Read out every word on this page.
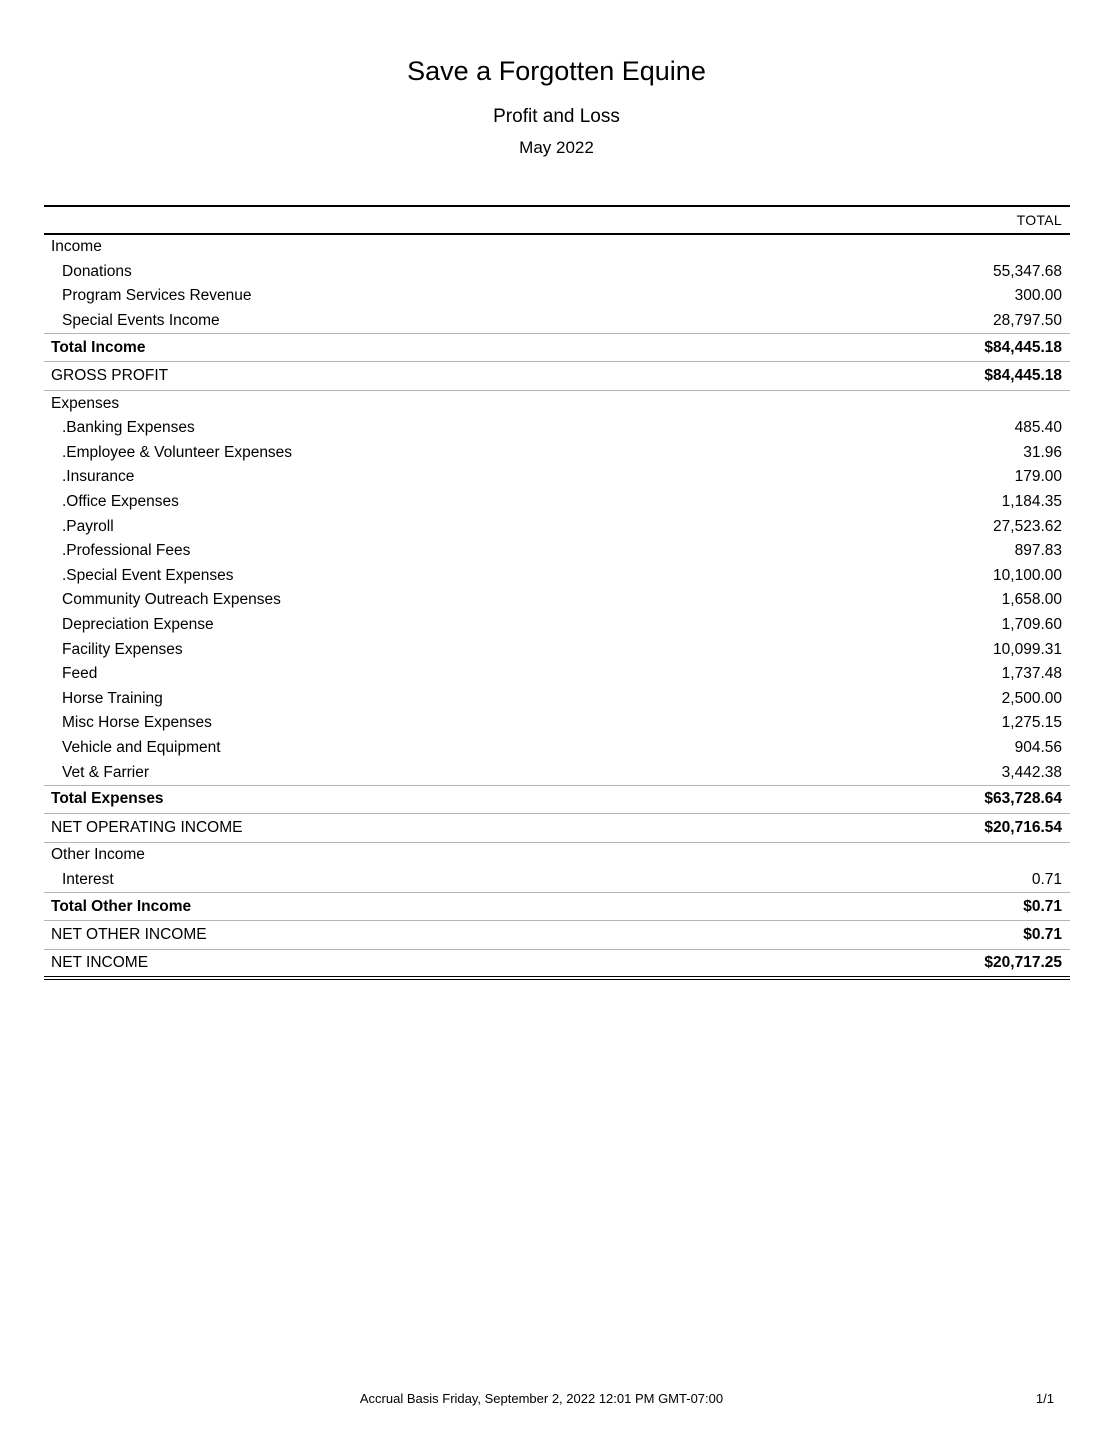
Save a Forgotten Equine
Profit and Loss
May 2022
TOTAL
Income
Donations	55,347.68
Program Services Revenue	300.00
Special Events Income	28,797.50
Total Income	$84,445.18
GROSS PROFIT	$84,445.18
Expenses
.Banking Expenses	485.40
.Employee & Volunteer Expenses	31.96
.Insurance	179.00
.Office Expenses	1,184.35
.Payroll	27,523.62
.Professional Fees	897.83
.Special Event Expenses	10,100.00
Community Outreach Expenses	1,658.00
Depreciation Expense	1,709.60
Facility Expenses	10,099.31
Feed	1,737.48
Horse Training	2,500.00
Misc Horse Expenses	1,275.15
Vehicle and Equipment	904.56
Vet & Farrier	3,442.38
Total Expenses	$63,728.64
NET OPERATING INCOME	$20,716.54
Other Income
Interest	0.71
Total Other Income	$0.71
NET OTHER INCOME	$0.71
NET INCOME	$20,717.25
Accrual Basis Friday, September 2, 2022 12:01 PM GMT-07:00	1/1
